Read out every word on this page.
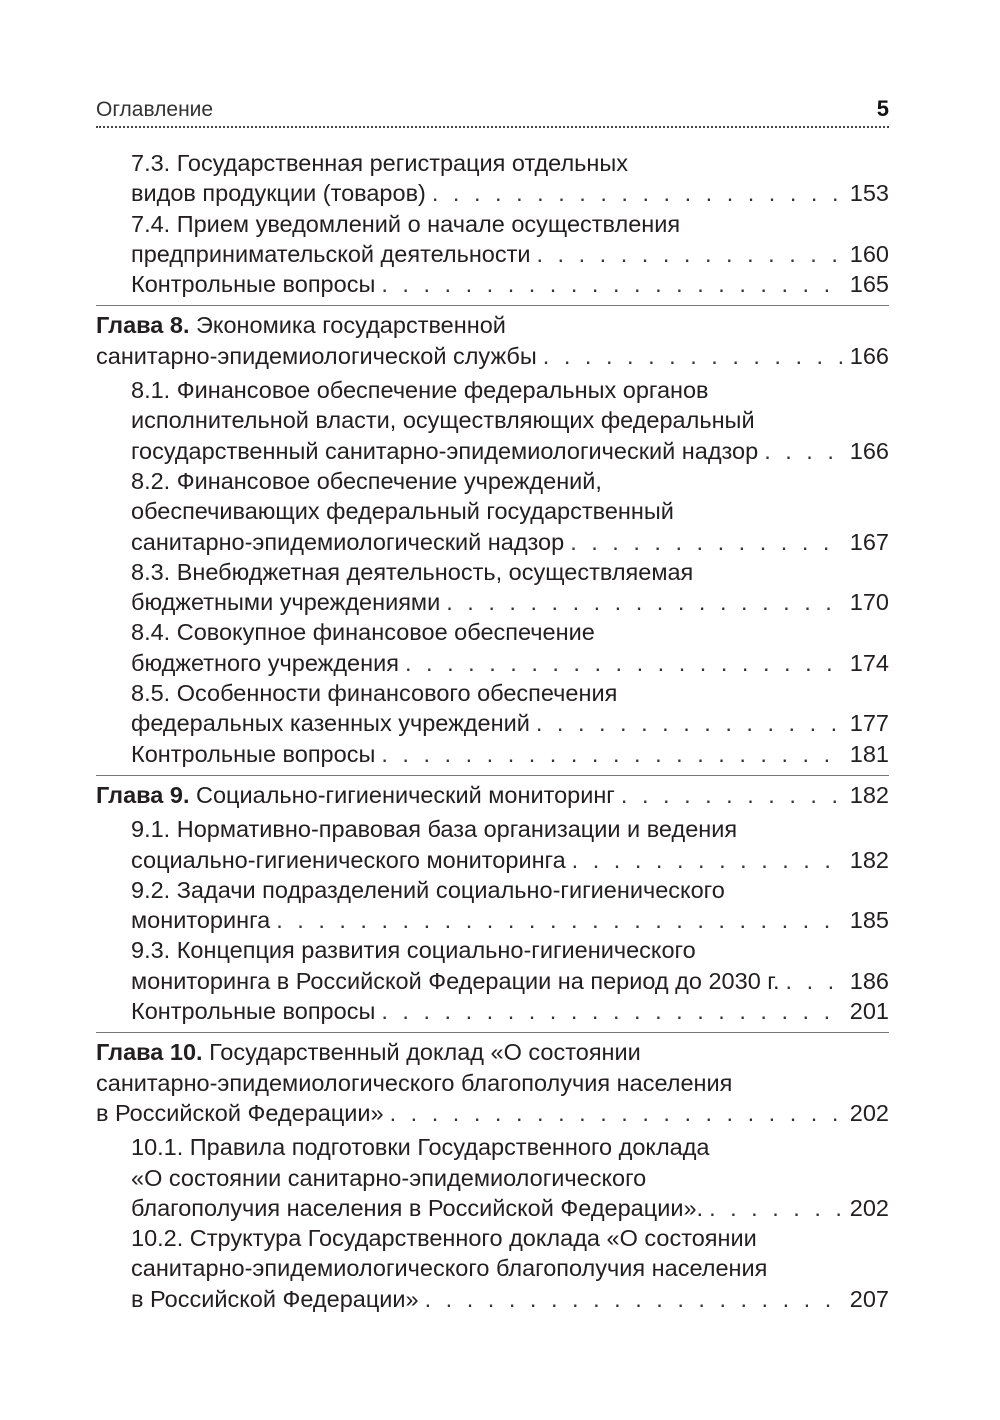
Оглавление	5
7.3. Государственная регистрация отдельных
видов продукции (товаров) . . .	153
7.4. Прием уведомлений о начале осуществления
предпринимательской деятельности . . .	160
Контрольные вопросы . . .	165
Глава 8. Экономика государственной
санитарно-эпидемиологической службы . . .	166
8.1. Финансовое обеспечение федеральных органов
исполнительной власти, осуществляющих федеральный
государственный санитарно-эпидемиологический надзор . . .	166
8.2. Финансовое обеспечение учреждений,
обеспечивающих федеральный государственный
санитарно-эпидемиологический надзор . . .	167
8.3. Внебюджетная деятельность, осуществляемая
бюджетными учреждениями . . .	170
8.4. Совокупное финансовое обеспечение
бюджетного учреждения . . .	174
8.5. Особенности финансового обеспечения
федеральных казенных учреждений . . .	177
Контрольные вопросы . . .	181
Глава 9. Социально-гигиенический мониторинг . . .	182
9.1. Нормативно-правовая база организации и ведения
социально-гигиенического мониторинга . . .	182
9.2. Задачи подразделений социально-гигиенического
мониторинга . . .	185
9.3. Концепция развития социально-гигиенического
мониторинга в Российской Федерации на период до 2030 г. . . .	186
Контрольные вопросы . . .	201
Глава 10. Государственный доклад «О состоянии
санитарно-эпидемиологического благополучия населения
в Российской Федерации» . . .	202
10.1. Правила подготовки Государственного доклада
«О состоянии санитарно-эпидемиологического
благополучия населения в Российской Федерации». . . .	202
10.2. Структура Государственного доклада «О состоянии
санитарно-эпидемиологического благополучия населения
в Российской Федерации» . . .	207
